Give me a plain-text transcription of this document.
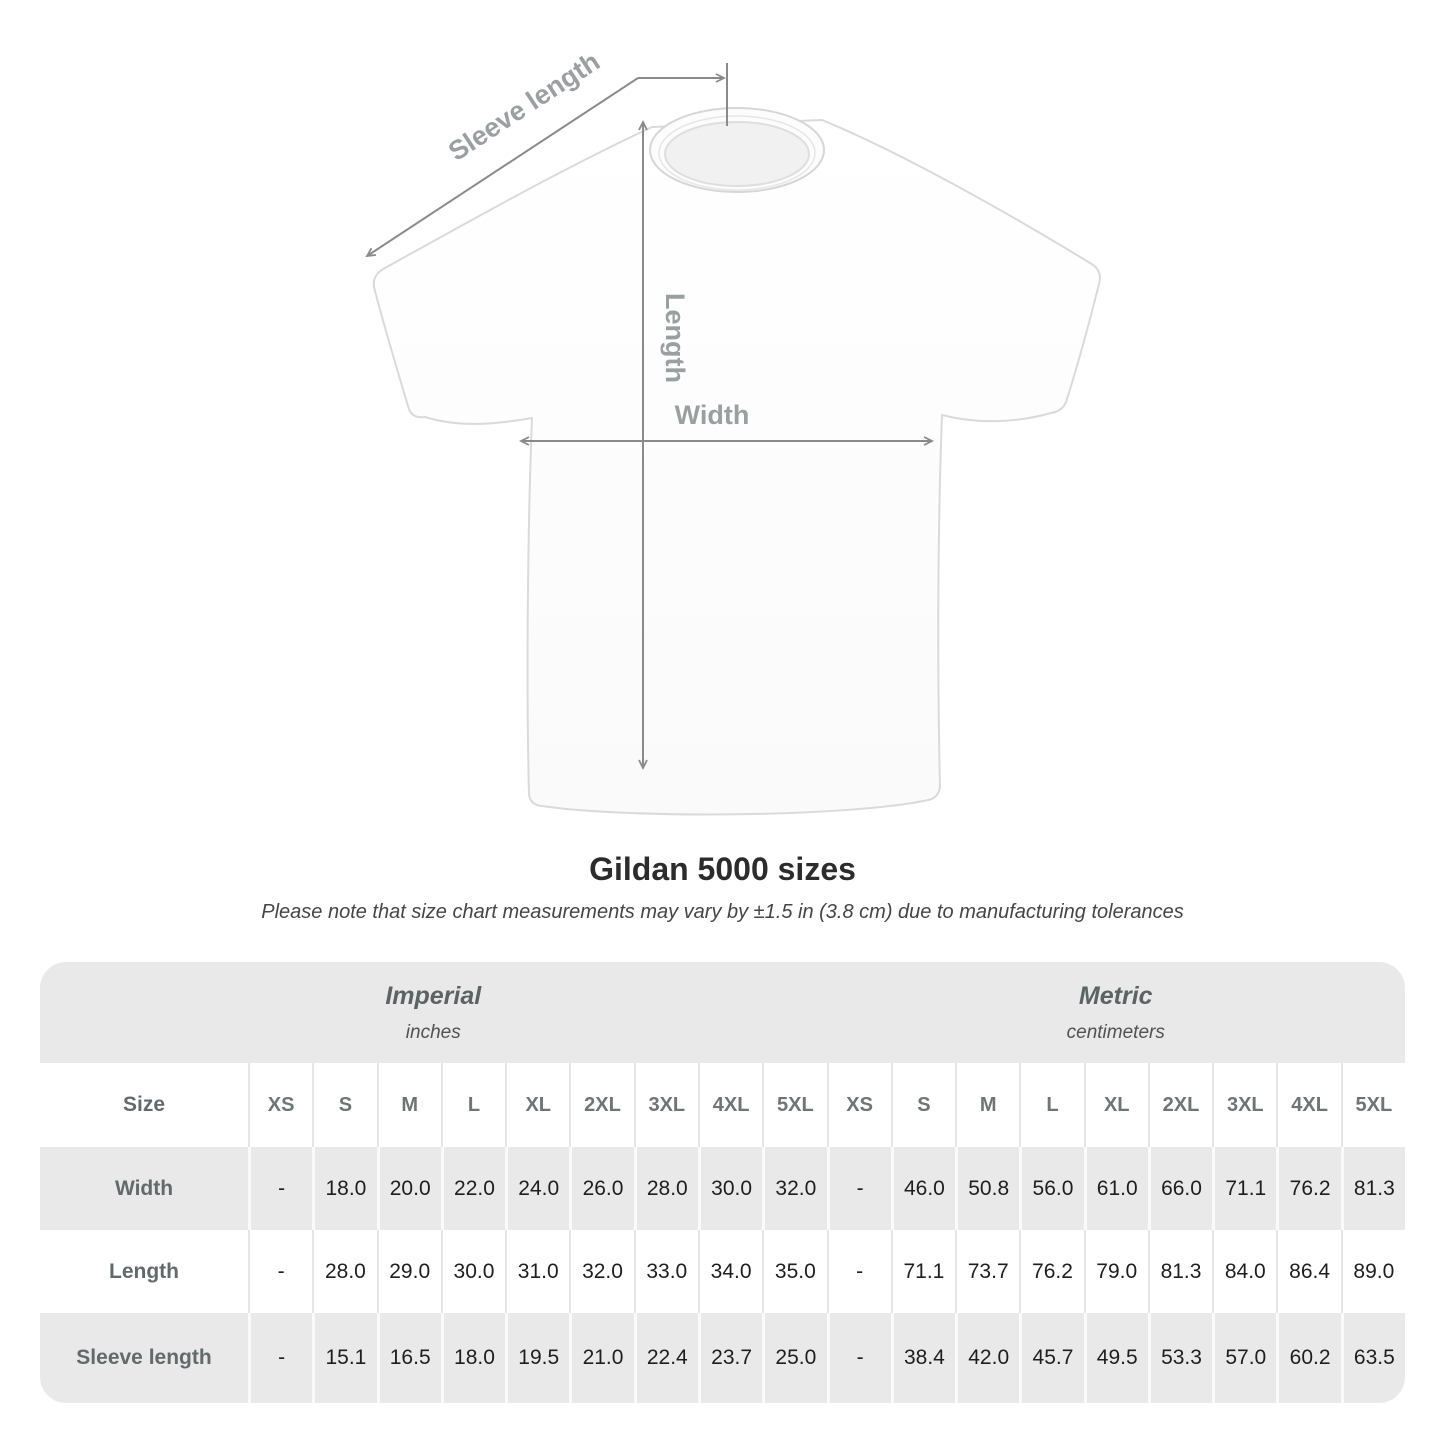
Sleeve length
Length
Width
Gildan 5000 sizes
Please note that size chart measurements may vary by ±1.5 in (3.8 cm) due to manufacturing tolerances
Imperial
inches
Metric
centimeters
Size	XS	S	M	L	XL	2XL	3XL	4XL	5XL	XS	S	M	L	XL	2XL	3XL	4XL	5XL
Width	-	18.0	20.0	22.0	24.0	26.0	28.0	30.0	32.0	-	46.0	50.8	56.0	61.0	66.0	71.1	76.2	81.3
Length	-	28.0	29.0	30.0	31.0	32.0	33.0	34.0	35.0	-	71.1	73.7	76.2	79.0	81.3	84.0	86.4	89.0
Sleeve length	-	15.1	16.5	18.0	19.5	21.0	22.4	23.7	25.0	-	38.4	42.0	45.7	49.5	53.3	57.0	60.2	63.5
